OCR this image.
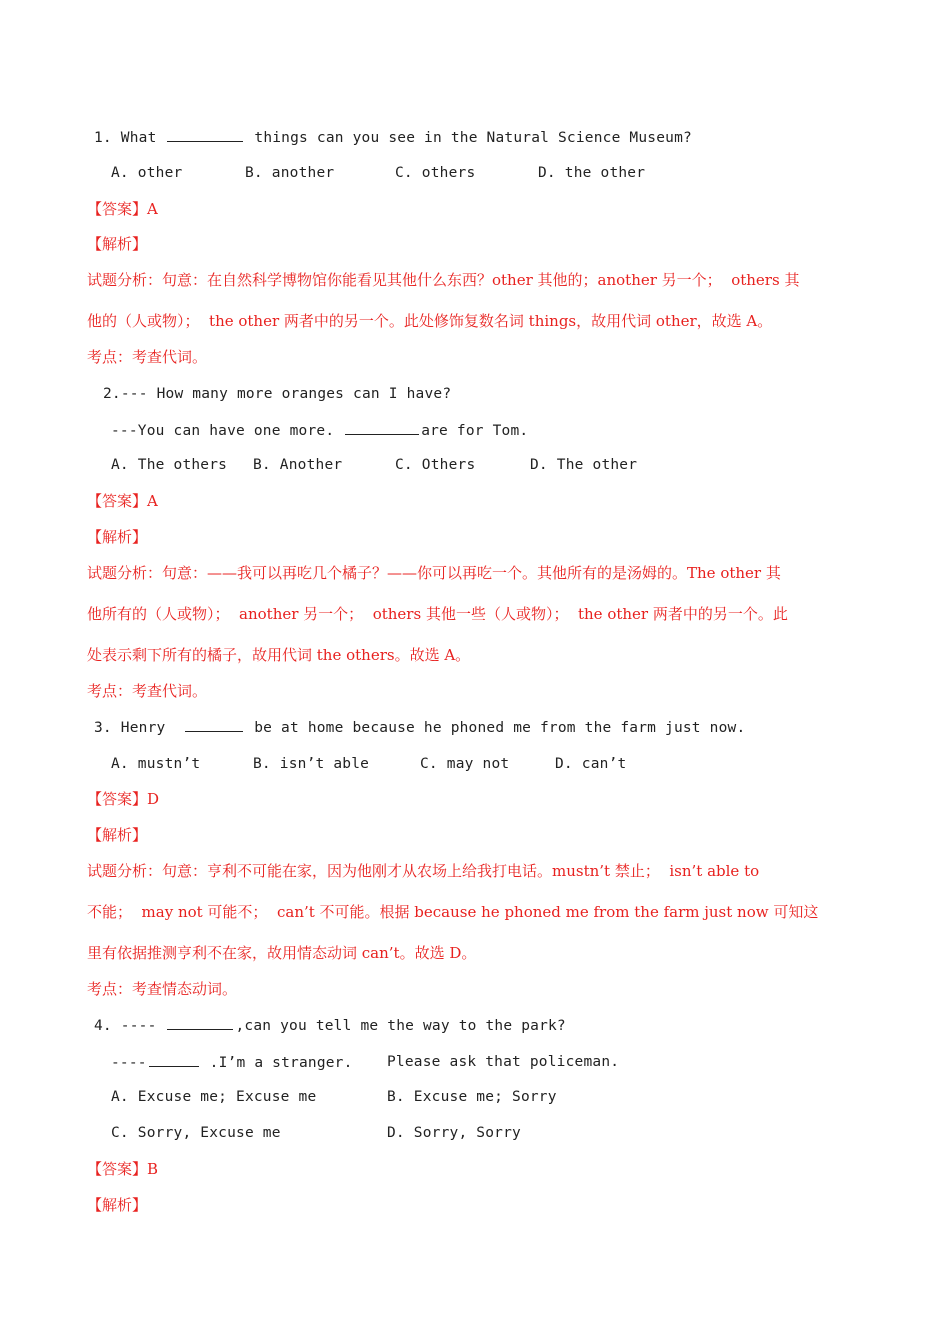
1. What	things can you see in the Natural Science Museum?
A. other	B. another	C. others	D. the other
【答案】A
【解析】
试题分析：句意：在自然科学博物馆你能看见其他什么东西？other 其他的；another 另一个；  others 其
他的（人或物）；  the other 两者中的另一个。此处修饰复数名词 things，故用代词 other，故选 A。
考点：考查代词。
2.--- How many more oranges can I have?
---You can have one more.	are for Tom.
A. The others B. Another	C. Others	D. The other
【答案】A
【解析】
试题分析：句意：——我可以再吃几个橘子？——你可以再吃一个。其他所有的是汤姆的。The other 其
他所有的（人或物）；  another 另一个；  others 其他一些（人或物）；  the other 两者中的另一个。此
处表示剩下所有的橘子，故用代词 the others。故选 A。
考点：考查代词。
3. Henry	be at home because he phoned me from the farm just now.
A. mustn’t	B. isn’t able	C. may not	D. can’t
【答案】D
【解析】
试题分析：句意：亨利不可能在家，因为他刚才从农场上给我打电话。mustn’t 禁止；  isn’t able to
不能；  may not 可能不；  can’t 不可能。根据 because he phoned me from the farm just now 可知这
里有依据推测亨利不在家，故用情态动词 can’t。故选 D。
考点：考查情态动词。
4. ----	,can you tell me the way to the park?
----	.I’m a stranger. Please ask that policeman.
A. Excuse me; Excuse me	B. Excuse me; Sorry
C. Sorry, Excuse me	D. Sorry, Sorry
【答案】B
【解析】
